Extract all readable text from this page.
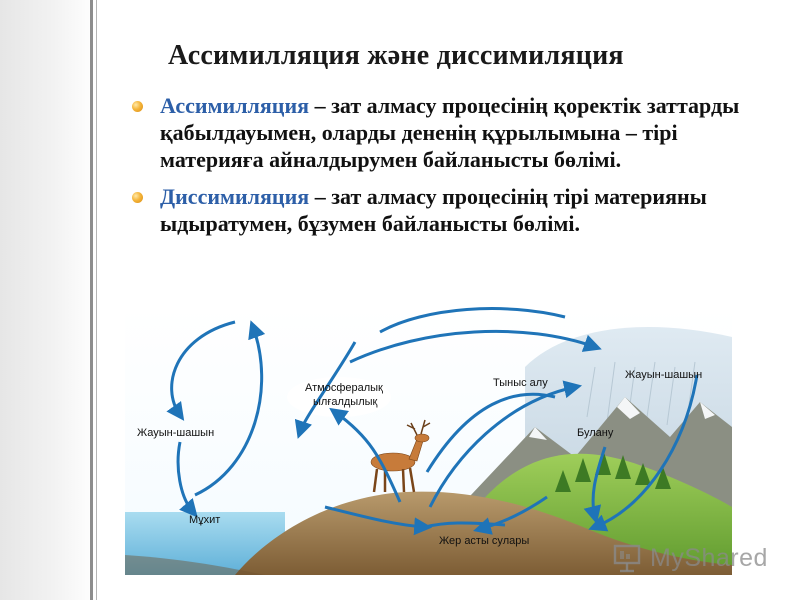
Ассимилляция және диссимиляция
Ассимилляция – зат алмасу процесінің қоректік заттарды қабылдауымен, оларды дененің құрылымына – тірі материяға айналдырумен байланысты бөлімі.
Диссимиляция – зат алмасу процесінің тірі материяны ыдыратумен, бұзумен байланысты бөлімі.
Жауын-шашын
Атмосфералық
ылғалдылық
Тыныс алу
Жауын-шашын
Булану
Мұхит
Жер асты сулары
MyShared
